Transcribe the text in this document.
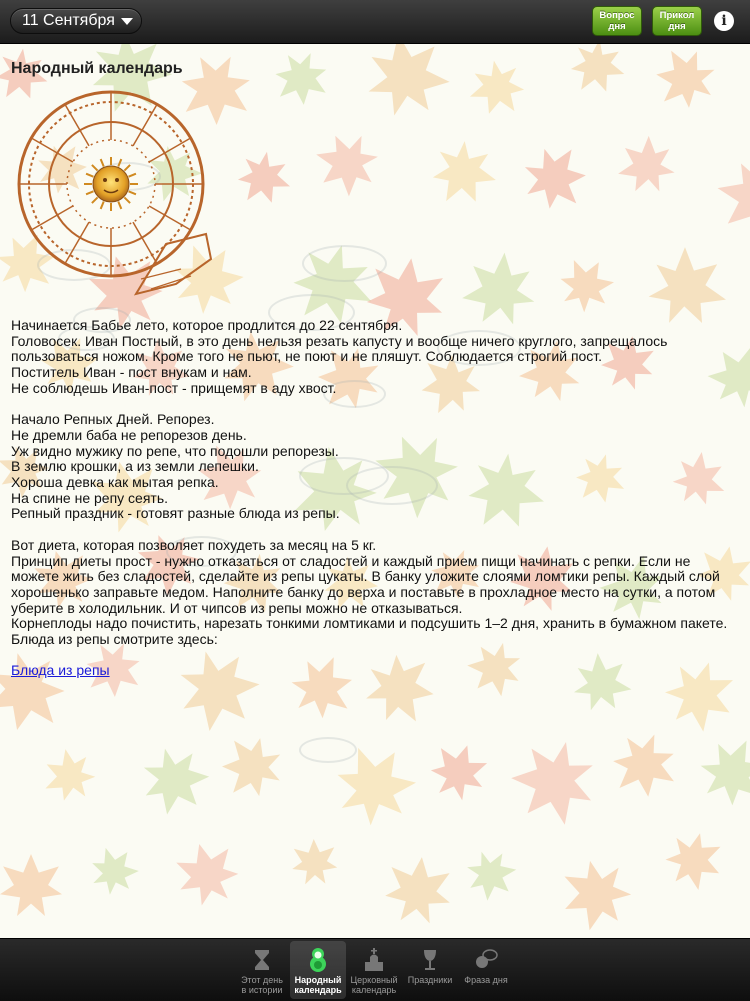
11 Сентября	Вопрос
дня
Прикол
дня	i
Народный календарь

Начинается Бабье лето, которое продлится до 22 сентября.

Головосек. Иван Постный, в это день нельзя резать капусту и вообще ничего круглого, запрещалось пользоваться ножом. Кроме того не пьют, не поют и не пляшут. Соблюдается строгий пост.

Поститель Иван - пост внукам и нам.

Не соблюдешь Иван-пост - прищемят в аду хвост.

Начало Репных Дней. Репорез.

Не дремли баба не репорезов день.

Уж видно мужику по репе, что подошли репорезы.

В землю крошки, а из земли лепешки.

Хороша девка как мытая репка.

На спине не репу сеять.

Репный праздник - готовят разные блюда из репы.

Вот диета, которая позволяет похудеть за месяц на 5 кг.

Принцип диеты прост - нужно отказаться от сладостей и каждый прием пищи начинать с репки. Если не можете жить без сладостей, сделайте из репы цукаты. В банку уложите слоями ломтики репы. Каждый слой хорошенько заправьте медом. Наполните банку до верха и поставьте в прохладное место на сутки, а потом уберите в холодильник. И от чипсов из репы можно не отказываться.

Корнеплоды надо почистить, нарезать тонкими ломтиками и подсушить 1–2 дня, хранить в бумажном пакете.

Блюда из репы смотрите здесь:

Блюда из репы
Этот день
в истории
Народный
календарь
Церковный
календарь
Праздники	Фраза дня
